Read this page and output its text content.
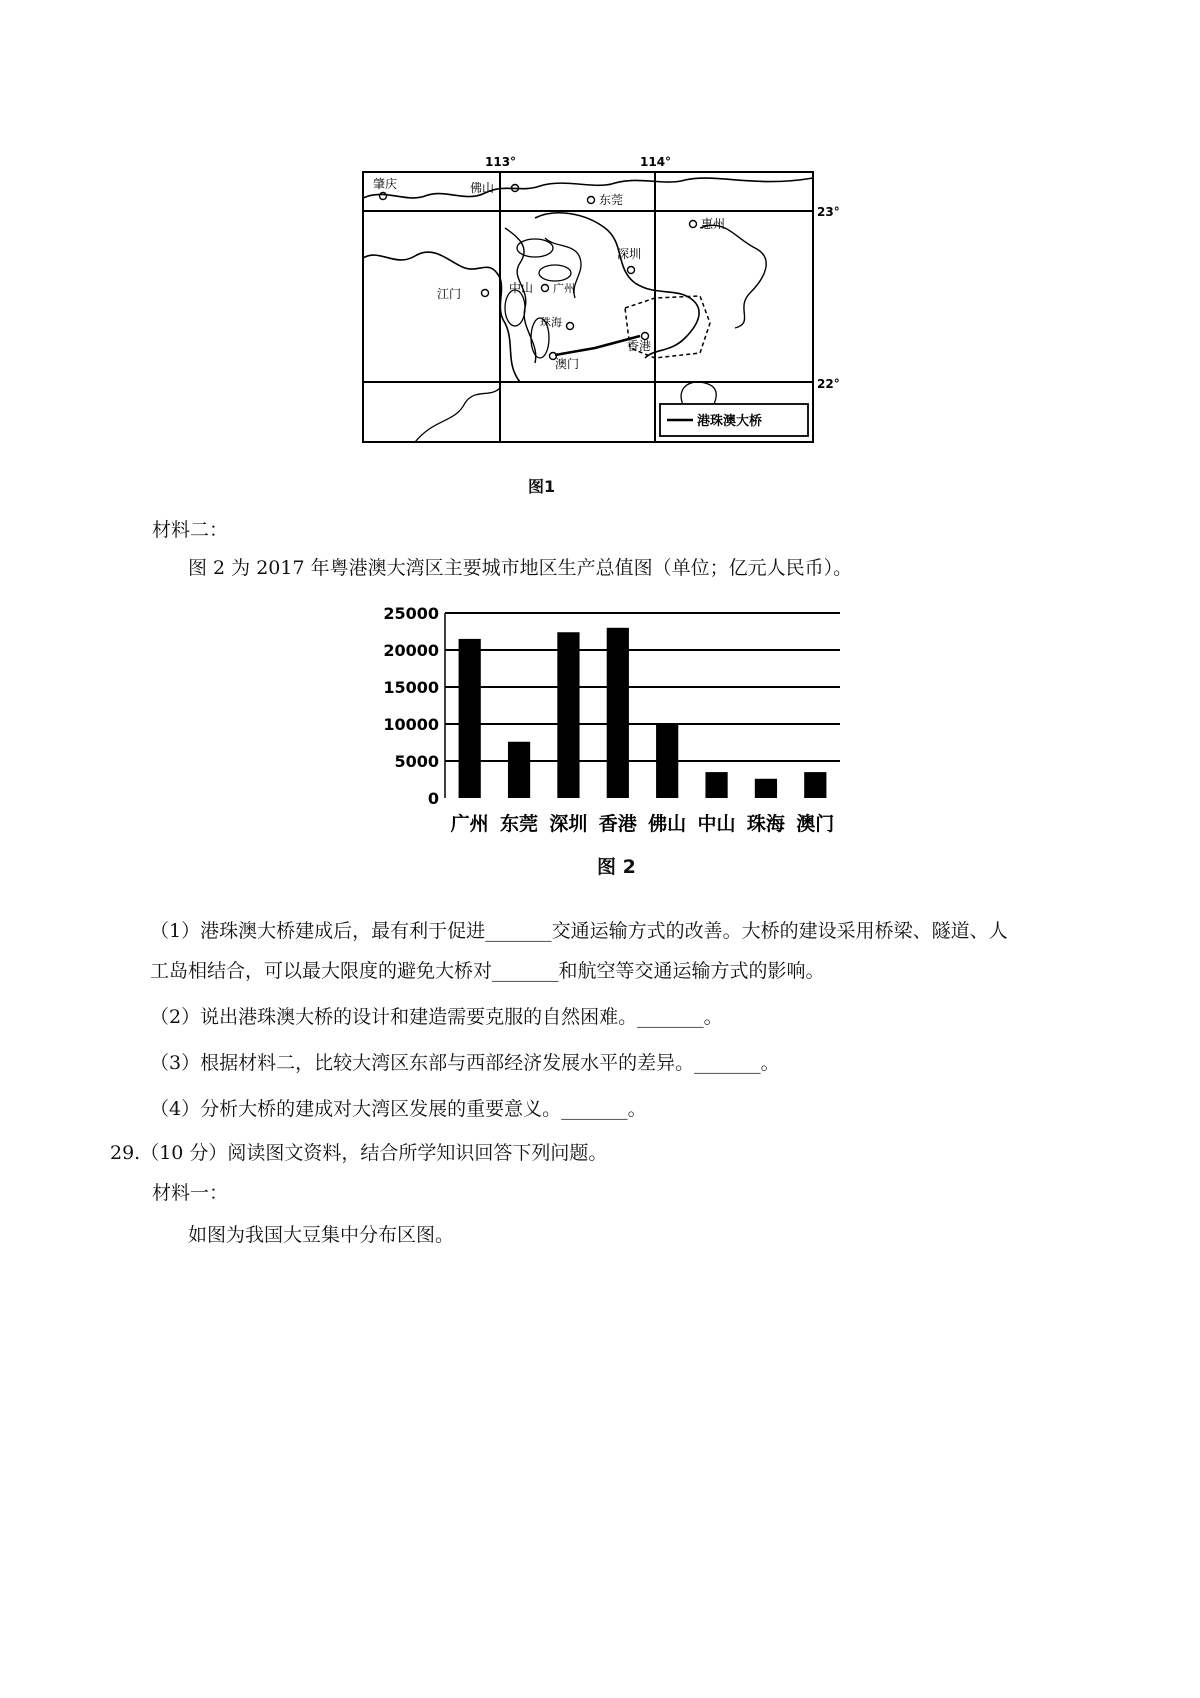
113°	114°
23°
22°
肇庆	佛山
东莞
惠州
深圳
江门	中山 广州
珠海
澳门
香港
港珠澳大桥
图1
材料二：
图 2 为 2017 年粤港澳大湾区主要城市地区生产总值图（单位；亿元人民币）。
0
5000
10000
15000
20000
25000
广州 东莞 深圳 香港 佛山 中山 珠海 澳门
图 2
（1）港珠澳大桥建成后，最有利于促进_______交通运输方式的改善。大桥的建设采用桥梁、隧道、人
工岛相结合，可以最大限度的避免大桥对_______和航空等交通运输方式的影响。
（2）说出港珠澳大桥的设计和建造需要克服的自然困难。_______。
（3）根据材料二，比较大湾区东部与西部经济发展水平的差异。_______。
（4）分析大桥的建成对大湾区发展的重要意义。_______。
29.（10 分）阅读图文资料，结合所学知识回答下列问题。
材料一：
如图为我国大豆集中分布区图。
